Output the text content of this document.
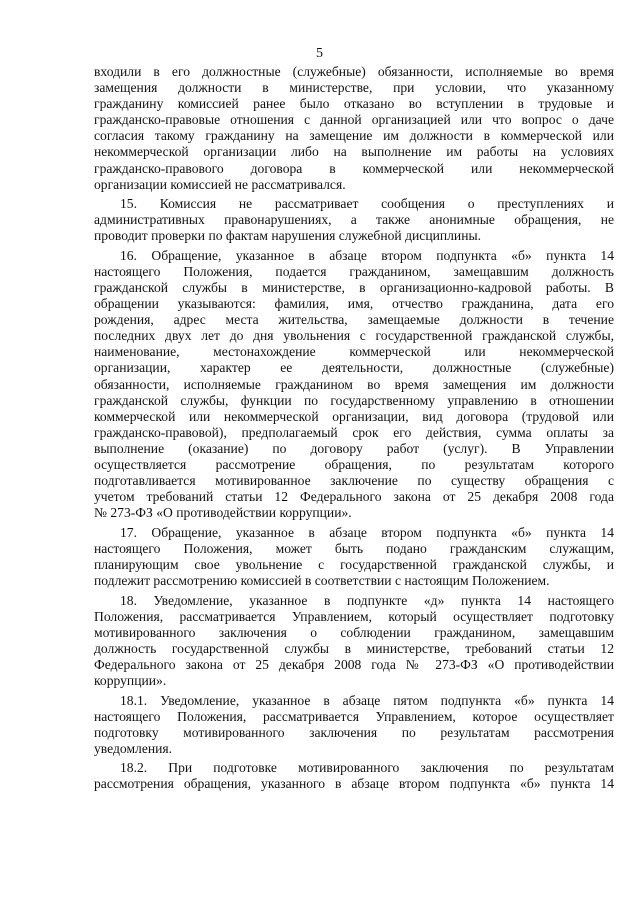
5
входили в его должностные (служебные) обязанности, исполняемые во время
замещения должности в министерстве, при условии, что указанному
гражданину комиссией ранее было отказано во вступлении в трудовые и
гражданско-правовые отношения с данной организацией или что вопрос о даче
согласия такому гражданину на замещение им должности в коммерческой или
некоммерческой организации либо на выполнение им работы на условиях
гражданско-правового договора в коммерческой или некоммерческой
организации комиссией не рассматривался.
15. Комиссия не рассматривает сообщения о преступлениях и
административных правонарушениях, а также анонимные обращения, не
проводит проверки по фактам нарушения служебной дисциплины.
16. Обращение, указанное в абзаце втором подпункта «б» пункта 14
настоящего Положения, подается гражданином, замещавшим должность
гражданской службы в министерстве, в организационно-кадровой работы. В
обращении указываются: фамилия, имя, отчество гражданина, дата его
рождения, адрес места жительства, замещаемые должности в течение
последних двух лет до дня увольнения с государственной гражданской службы,
наименование, местонахождение коммерческой или некоммерческой
организации, характер ее деятельности, должностные (служебные)
обязанности, исполняемые гражданином во время замещения им должности
гражданской службы, функции по государственному управлению в отношении
коммерческой или некоммерческой организации, вид договора (трудовой или
гражданско-правовой), предполагаемый срок его действия, сумма оплаты за
выполнение (оказание) по договору работ (услуг). В Управлении
осуществляется рассмотрение обращения, по результатам которого
подготавливается мотивированное заключение по существу обращения с
учетом требований статьи 12 Федерального закона от 25 декабря 2008 года
№ 273-ФЗ «О противодействии коррупции».
17. Обращение, указанное в абзаце втором подпункта «б» пункта 14
настоящего Положения, может быть подано гражданским служащим,
планирующим свое увольнение с государственной гражданской службы, и
подлежит рассмотрению комиссией в соответствии с настоящим Положением.
18. Уведомление, указанное в подпункте «д» пункта 14 настоящего
Положения, рассматривается Управлением, который осуществляет подготовку
мотивированного заключения о соблюдении гражданином, замещавшим
должность государственной службы в министерстве, требований статьи 12
Федерального закона от 25 декабря 2008 года № 273-ФЗ «О противодействии
коррупции».
18.1. Уведомление, указанное в абзаце пятом подпункта «б» пункта 14
настоящего Положения, рассматривается Управлением, которое осуществляет
подготовку мотивированного заключения по результатам рассмотрения
уведомления.
18.2. При подготовке мотивированного заключения по результатам
рассмотрения обращения, указанного в абзаце втором подпункта «б» пункта 14
